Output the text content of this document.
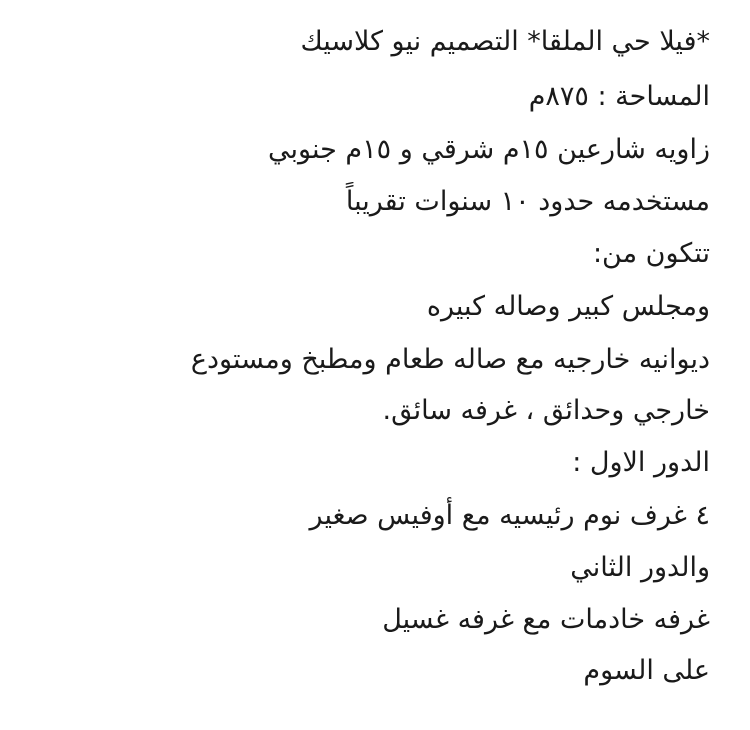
*فيلا حي الملقا* التصميم نيو كلاسيك
المساحة : ٨٧٥م
زاويه شارعين ١٥م شرقي و ١٥م جنوبي
مستخدمه حدود ١٠ سنوات تقريباً
تتكون من:
ومجلس كبير وصاله كبيره
ديوانيه خارجيه مع صاله طعام ومطبخ ومستودع
خارجي وحدائق ، غرفه سائق.
الدور الاول :
٤ غرف نوم رئيسيه مع أوفيس صغير
والدور الثاني
غرفه خادمات مع غرفه غسيل
على السوم
